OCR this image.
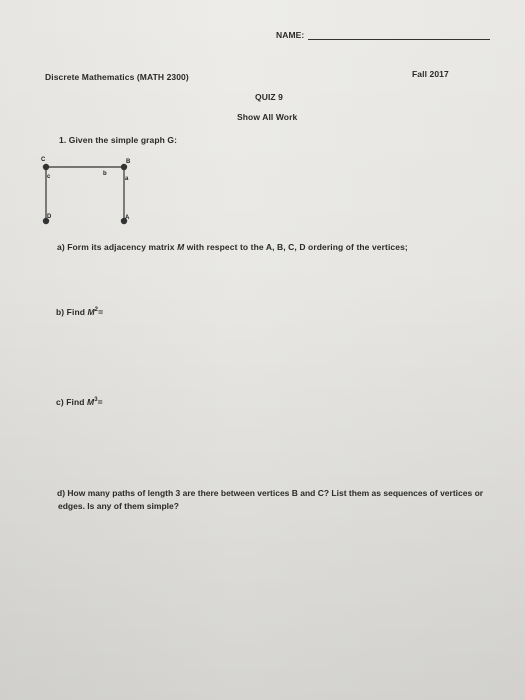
NAME:
Discrete Mathematics (MATH 2300)	Fall 2017
QUIZ 9
Show All Work
1. Given the simple graph G:
C	B
D	A
c	b
a
a) Form its adjacency matrix M with respect to the A, B, C, D ordering of the vertices;
b) Find $M^2=$
c) Find $M^3=$
d) How many paths of length 3 are there between vertices B and C? List them as sequences of vertices or edges. Is any of them simple?
